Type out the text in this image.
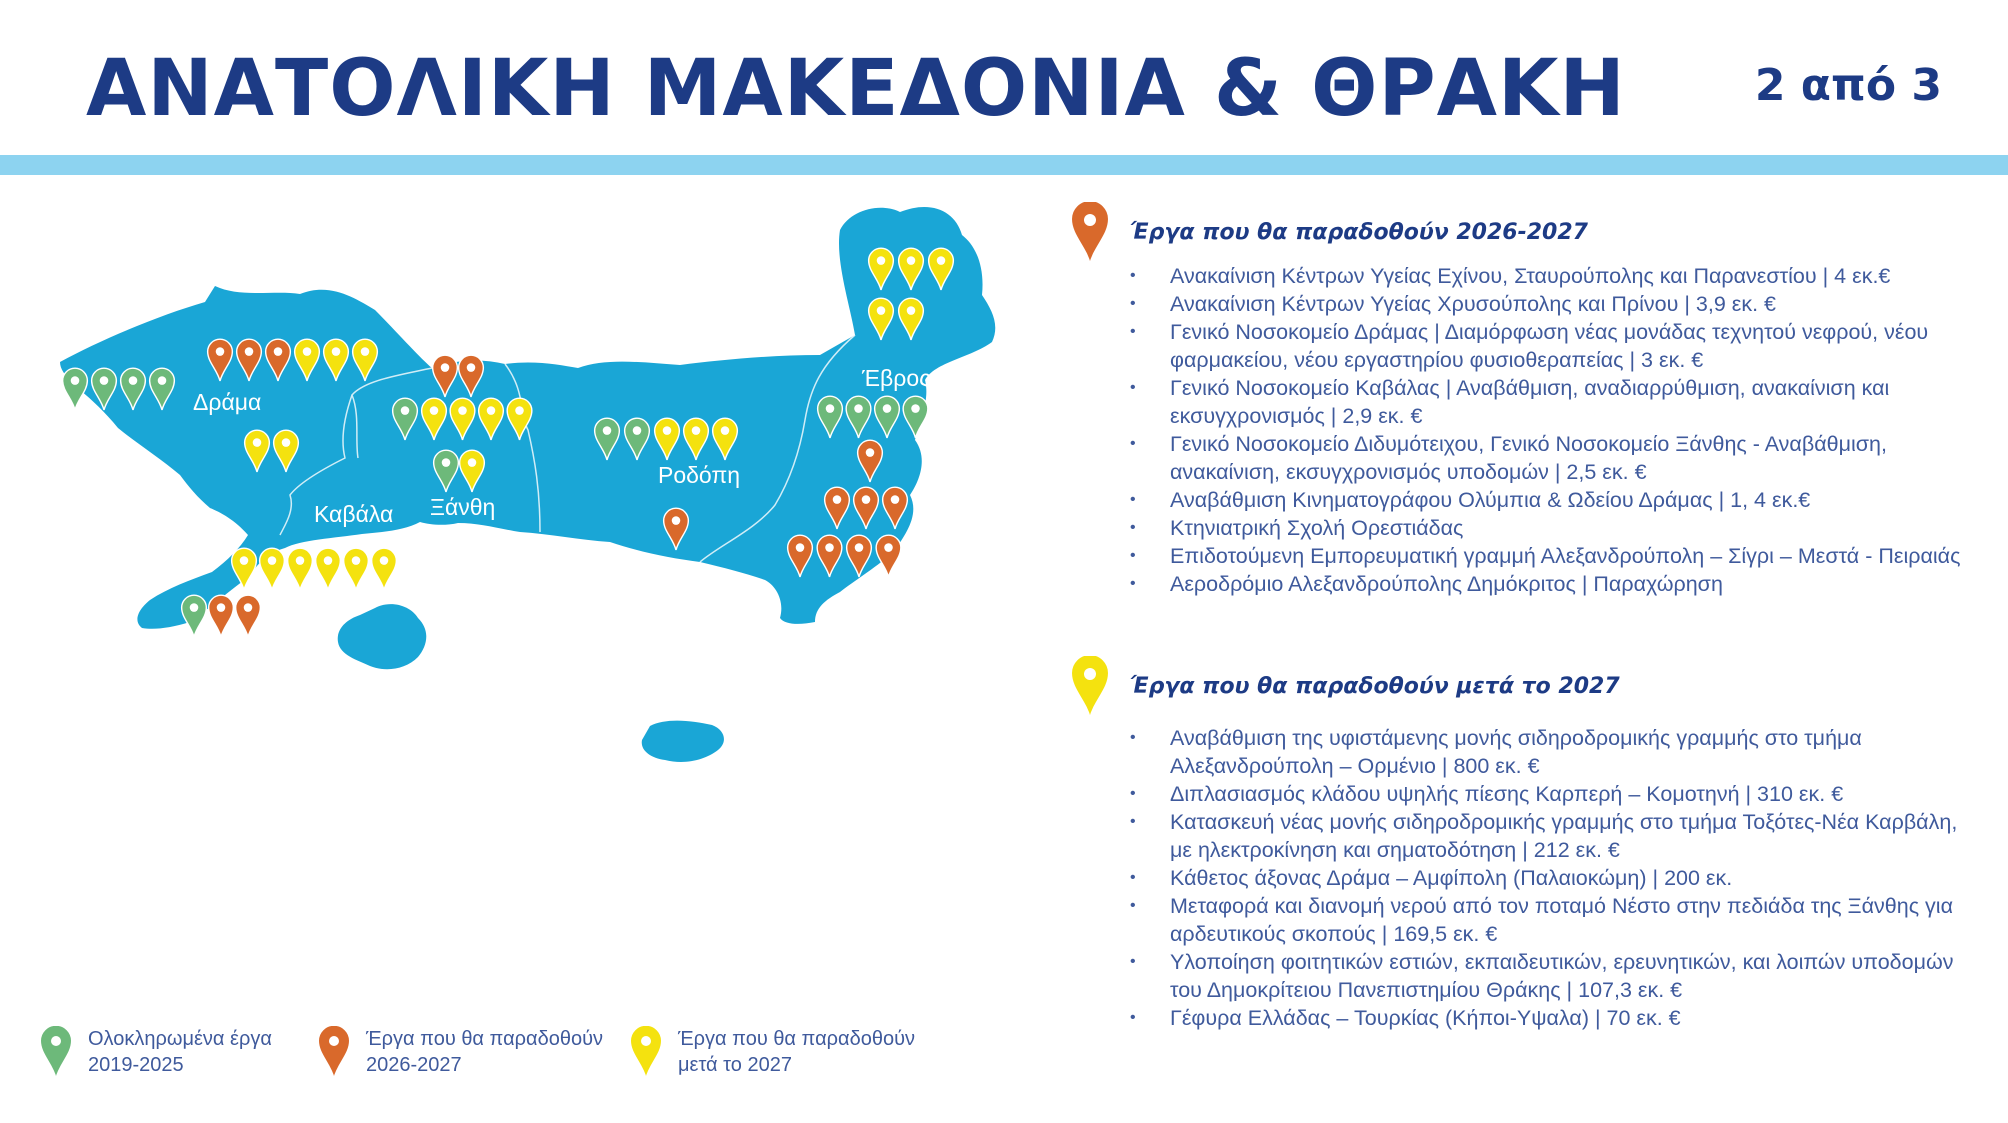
ΑΝΑΤΟΛΙΚΗ ΜΑΚΕΔΟΝΙΑ & ΘΡΑΚΗ	2 από 3
Δράμα
Καβάλα Ξάνθη
Ροδόπη
Έβρος
Έργα που θα παραδοθούν 2026-2027
• Ανακαίνιση Κέντρων Υγείας Εχίνου, Σταυρούπολης και Παρανεστίου | 4 εκ.€
• Ανακαίνιση Κέντρων Υγείας Χρυσούπολης και Πρίνου | 3,9 εκ. €
• Γενικό Νοσοκομείο Δράμας | Διαμόρφωση νέας μονάδας τεχνητού νεφρού, νέου φαρμακείου, νέου εργαστηρίου φυσιοθεραπείας | 3 εκ. €
• Γενικό Νοσοκομείο Καβάλας | Αναβάθμιση, αναδιαρρύθμιση, ανακαίνιση και εκσυγχρονισμός | 2,9 εκ. €
• Γενικό Νοσοκομείο Διδυμότειχου, Γενικό Νοσοκομείο Ξάνθης - Αναβάθμιση, ανακαίνιση, εκσυγχρονισμός υποδομών | 2,5 εκ. €
• Αναβάθμιση Κινηματογράφου Ολύμπια & Ωδείου Δράμας | 1, 4 εκ.€
• Κτηνιατρική Σχολή Ορεστιάδας
• Επιδοτούμενη Εμπορευματική γραμμή Αλεξανδρούπολη – Σίγρι – Μεστά - Πειραιάς
• Αεροδρόμιο Αλεξανδρούπολης Δημόκριτος | Παραχώρηση
Έργα που θα παραδοθούν μετά το 2027
• Αναβάθμιση της υφιστάμενης μονής σιδηροδρομικής γραμμής στο τμήμα Αλεξανδρούπολη – Ορμένιο | 800 εκ. €
• Διπλασιασμός κλάδου υψηλής πίεσης Καρπερή – Κομοτηνή | 310 εκ. €
• Κατασκευή νέας μονής σιδηροδρομικής γραμμής στο τμήμα Τοξότες-Νέα Καρβάλη, με ηλεκτροκίνηση και σηματοδότηση | 212 εκ. €
• Κάθετος άξονας Δράμα – Αμφίπολη (Παλαιοκώμη) | 200 εκ.
• Μεταφορά και διανομή νερού από τον ποταμό Νέστο στην πεδιάδα της Ξάνθης για αρδευτικούς σκοπούς | 169,5 εκ. €
• Υλοποίηση φοιτητικών εστιών, εκπαιδευτικών, ερευνητικών, και λοιπών υποδομών του Δημοκρίτειου Πανεπιστημίου Θράκης | 107,3 εκ. €
• Γέφυρα Ελλάδας – Τουρκίας (Κήποι-Υψαλα) | 70 εκ. €
Ολοκληρωμένα έργα 2019-2025
Έργα που θα παραδοθούν 2026-2027
Έργα που θα παραδοθούν μετά το 2027
